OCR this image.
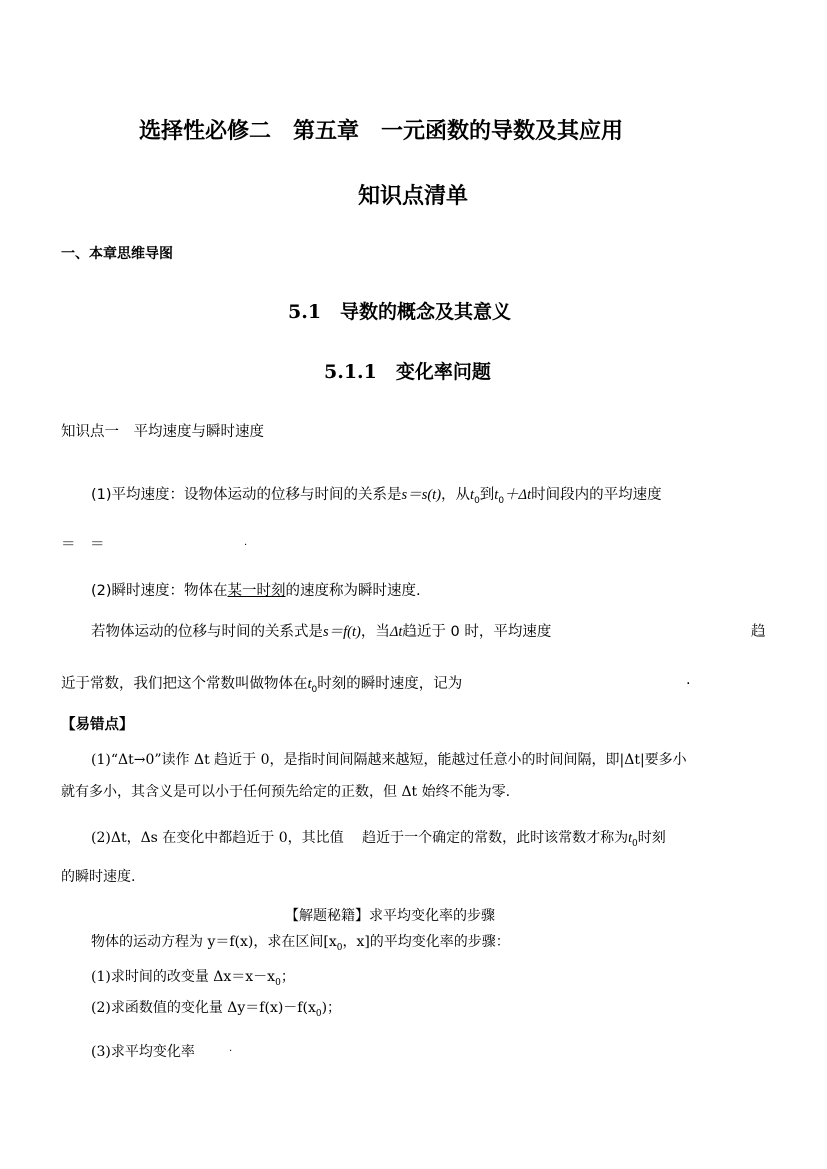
选择性必修二　第五章　一元函数的导数及其应用
知识点清单
一、本章思维导图
5.1　导数的概念及其意义
5.1.1　变化率问题
知识点一　平均速度与瞬时速度
(1)平均速度：设物体运动的位移与时间的关系是s＝s(t)，从$t_0$到$t_0+\Delta t$时间段内的平均速度
＝　＝	.
(2)瞬时速度：物体在某一时刻的速度称为瞬时速度.
若物体运动的位移与时间的关系式是s＝f(t)，当Δt趋近于 0 时，平均速度	趋
近于常数，我们把这个常数叫做物体在$t_0$时刻的瞬时速度，记为	.
【易错点】
(1)“Δt→0”读作 Δt 趋近于 0，是指时间间隔越来越短，能越过任意小的时间间隔，即|Δt|要多小
就有多小，其含义是可以小于任何预先给定的正数，但 Δt 始终不能为零.
(2)Δt，Δs 在变化中都趋近于 0，其比值　 趋近于一个确定的常数，此时该常数才称为$t_0$时刻
的瞬时速度.
【解题秘籍】求平均变化率的步骤
物体的运动方程为 y＝f(x)，求在区间[$x_0$，x]的平均变化率的步骤：
(1)求时间的改变量 $\Delta x=x-x_0$；
(2)求函数值的变化量 $\Delta y=f(x)-f(x_0)$；
(3)求平均变化率	.
